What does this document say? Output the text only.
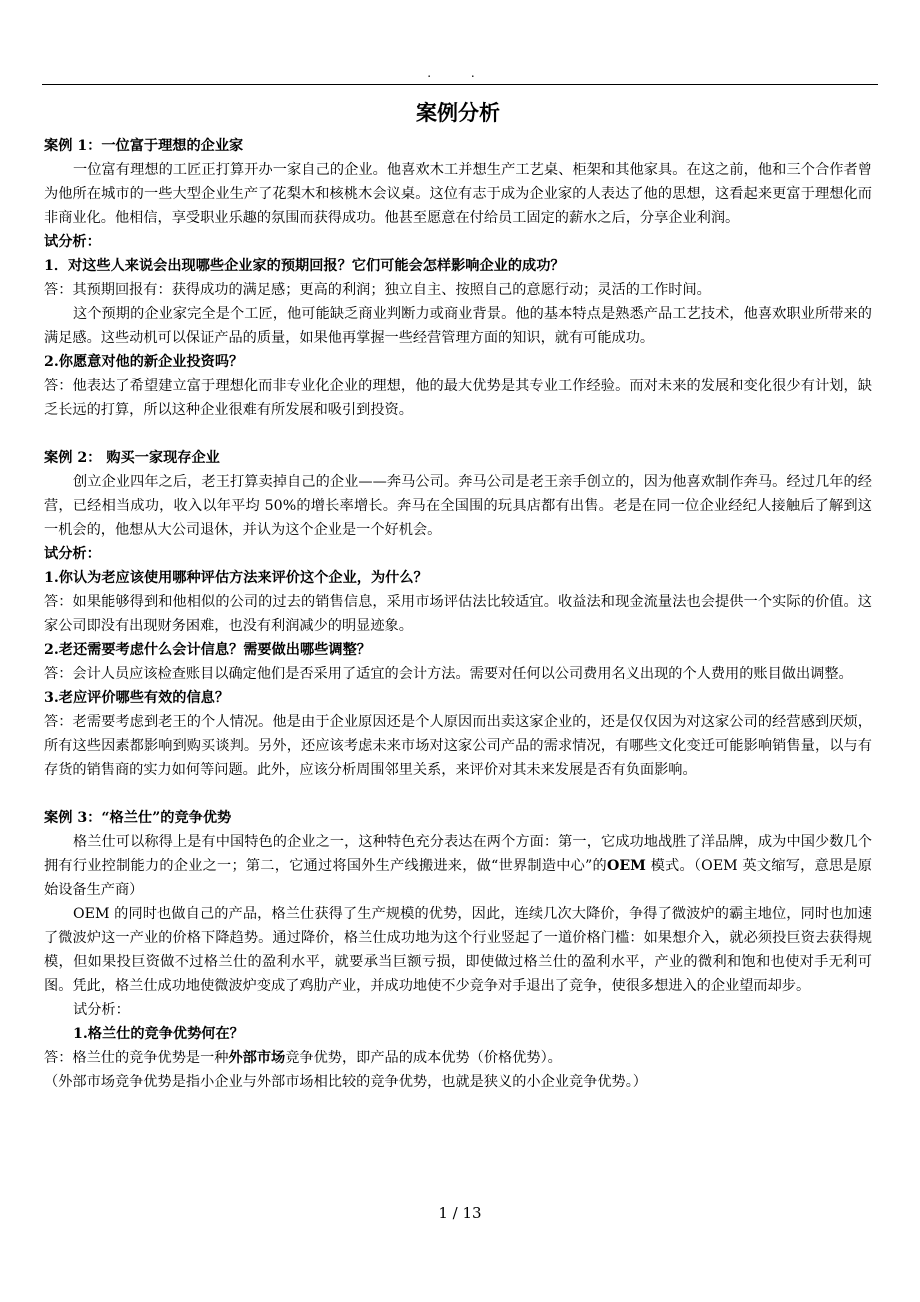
. .
案例分析

案例 1：一位富于理想的企业家

一位富有理想的工匠正打算开办一家自己的企业。他喜欢木工并想生产工艺桌、柜架和其他家具。在这之前，他和三个合作者曾为他所在城市的一些大型企业生产了花梨木和核桃木会议桌。这位有志于成为企业家的人表达了他的思想，这看起来更富于理想化而非商业化。他相信，享受职业乐趣的氛围而获得成功。他甚至愿意在付给员工固定的薪水之后，分享企业利润。

试分析：

1．对这些人来说会出现哪些企业家的预期回报？它们可能会怎样影响企业的成功？

答：其预期回报有：获得成功的满足感；更高的利润；独立自主、按照自己的意愿行动；灵活的工作时间。

这个预期的企业家完全是个工匠，他可能缺乏商业判断力或商业背景。他的基本特点是熟悉产品工艺技术，他喜欢职业所带来的满足感。这些动机可以保证产品的质量，如果他再掌握一些经营管理方面的知识，就有可能成功。

2.你愿意对他的新企业投资吗？

答：他表达了希望建立富于理想化而非专业化企业的理想，他的最大优势是其专业工作经验。而对未来的发展和变化很少有计划，缺乏长远的打算，所以这种企业很难有所发展和吸引到投资。

案例 2： 购买一家现存企业

创立企业四年之后，老王打算卖掉自己的企业——奔马公司。奔马公司是老王亲手创立的，因为他喜欢制作奔马。经过几年的经营，已经相当成功，收入以年平均 50%的增长率增长。奔马在全国围的玩具店都有出售。老是在同一位企业经纪人接触后了解到这一机会的，他想从大公司退休，并认为这个企业是一个好机会。

试分析：

1.你认为老应该使用哪种评估方法来评价这个企业，为什么？

答：如果能够得到和他相似的公司的过去的销售信息，采用市场评估法比较适宜。收益法和现金流量法也会提供一个实际的价值。这家公司即没有出现财务困难，也没有利润减少的明显迹象。

2.老还需要考虑什么会计信息？需要做出哪些调整？

答：会计人员应该检查账目以确定他们是否采用了适宜的会计方法。需要对任何以公司费用名义出现的个人费用的账目做出调整。

3.老应评价哪些有效的信息？

答：老需要考虑到老王的个人情况。他是由于企业原因还是个人原因而出卖这家企业的，还是仅仅因为对这家公司的经营感到厌烦，所有这些因素都影响到购买谈判。另外，还应该考虑未来市场对这家公司产品的需求情况，有哪些文化变迁可能影响销售量，以与有存货的销售商的实力如何等问题。此外，应该分析周围邻里关系，来评价对其未来发展是否有负面影响。

案例 3：“格兰仕”的竞争优势

格兰仕可以称得上是有中国特色的企业之一，这种特色充分表达在两个方面：第一，它成功地战胜了洋品牌，成为中国少数几个拥有行业控制能力的企业之一；第二，它通过将国外生产线搬进来，做“世界制造中心”的OEM 模式。（OEM 英文缩写，意思是原始设备生产商）

OEM 的同时也做自己的产品，格兰仕获得了生产规模的优势，因此，连续几次大降价，争得了微波炉的霸主地位，同时也加速了微波炉这一产业的价格下降趋势。通过降价，格兰仕成功地为这个行业竖起了一道价格门槛：如果想介入，就必须投巨资去获得规模，但如果投巨资做不过格兰仕的盈利水平，就要承当巨额亏损，即使做过格兰仕的盈利水平，产业的微利和饱和也使对手无利可图。凭此，格兰仕成功地使微波炉变成了鸡肋产业，并成功地使不少竞争对手退出了竞争，使很多想进入的企业望而却步。

试分析：

1.格兰仕的竞争优势何在？

答：格兰仕的竞争优势是一种外部市场竞争优势，即产品的成本优势（价格优势）。

（外部市场竞争优势是指小企业与外部市场相比较的竞争优势，也就是狭义的小企业竞争优势。）

1 / 13
